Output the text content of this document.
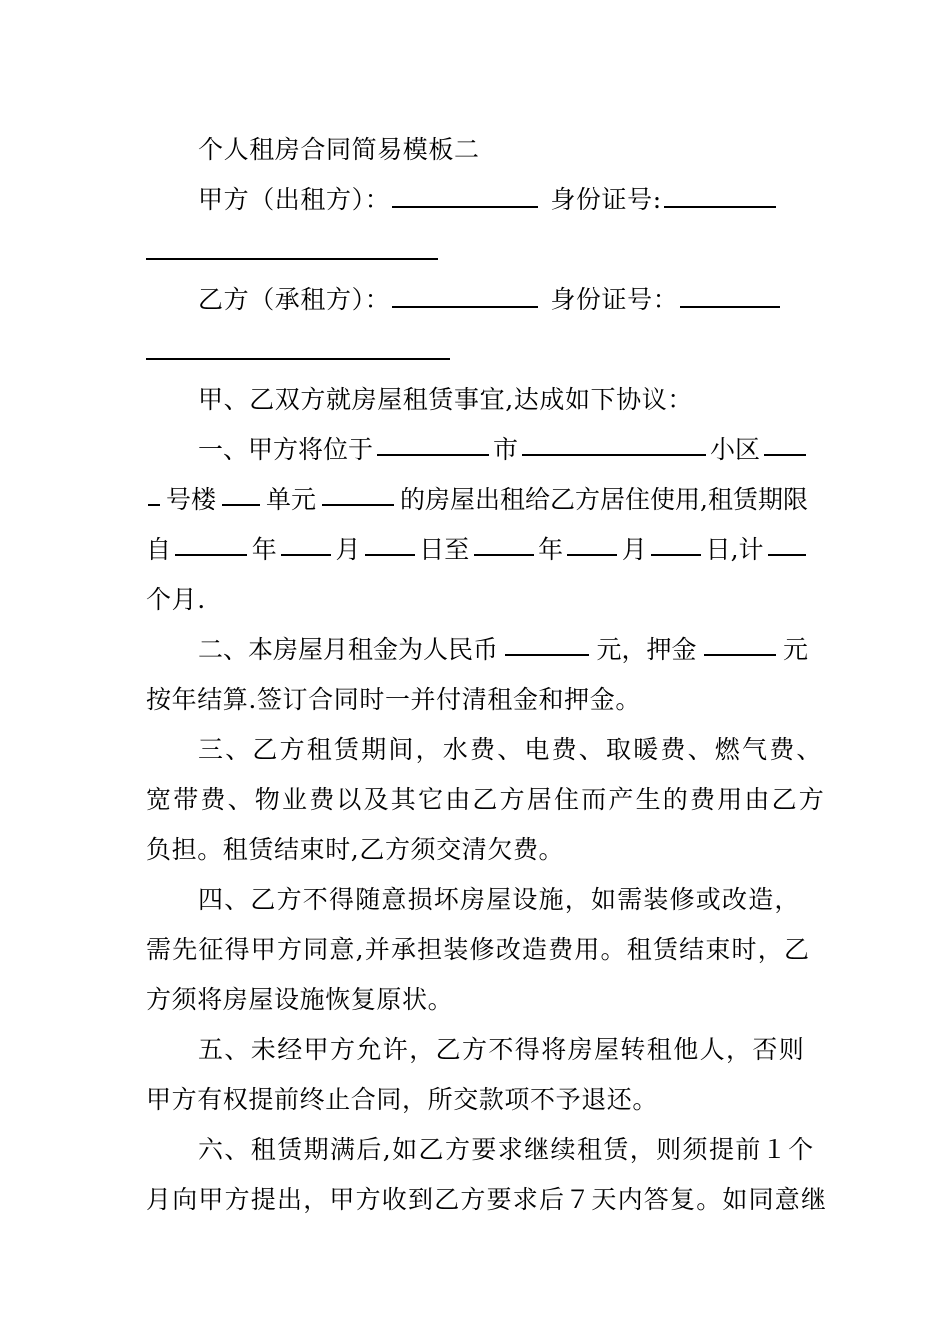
个人租房合同简易模板二
甲方（出租方）：	身份证号:
乙方（承租方）：	身份证号：
甲、乙双方就房屋租赁事宜,达成如下协议：
一、甲方将位于	市	小区
号楼 单元	的房屋出租给乙方居住使用,租赁期限
自	年 月 日至	年 月 日,计
个月.
二、本房屋月租金为人民币	元，押金	元
按年结算.签订合同时一并付清租金和押金。
三、乙方租赁期间，水费、电费、取暖费、燃气费、
宽带费、物业费以及其它由乙方居住而产生的费用由乙方
负担。租赁结束时,乙方须交清欠费。
四、乙方不得随意损坏房屋设施，如需装修或改造，
需先征得甲方同意,并承担装修改造费用。租赁结束时，乙
方须将房屋设施恢复原状。
五、未经甲方允许，乙方不得将房屋转租他人，否则
甲方有权提前终止合同，所交款项不予退还。
六、租赁期满后,如乙方要求继续租赁，则须提前１个
月向甲方提出，甲方收到乙方要求后７天内答复。如同意继
